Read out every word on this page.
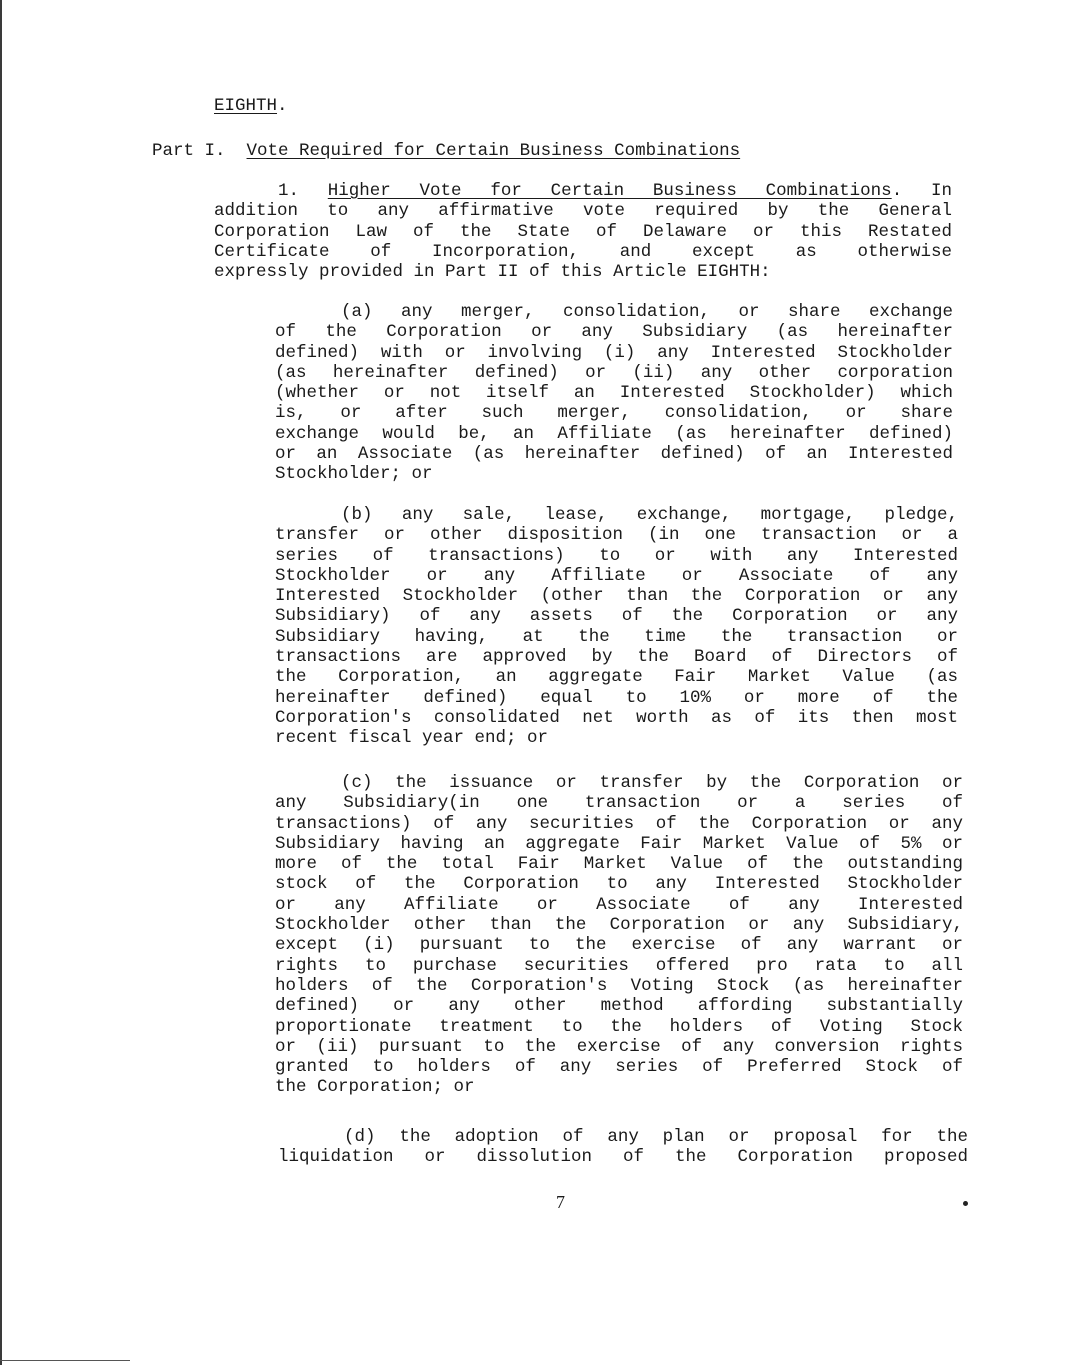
EIGHTH.
Part I. Vote Required for Certain Business Combinations
1. Higher Vote for Certain Business Combinations. In
addition to any affirmative vote required by the General
Corporation Law of the State of Delaware or this Restated
Certificate of Incorporation, and except as otherwise
expressly provided in Part II of this Article EIGHTH:
(a) any merger, consolidation, or share exchange
of the Corporation or any Subsidiary (as hereinafter
defined) with or involving (i) any Interested Stockholder
(as hereinafter defined) or (ii) any other corporation
(whether or not itself an Interested Stockholder) which
is, or after such merger, consolidation, or share
exchange would be, an Affiliate (as hereinafter defined)
or an Associate (as hereinafter defined) of an Interested
Stockholder; or
(b) any sale, lease, exchange, mortgage, pledge,
transfer or other disposition (in one transaction or a
series of transactions) to or with any Interested
Stockholder or any Affiliate or Associate of any
Interested Stockholder (other than the Corporation or any
Subsidiary) of any assets of the Corporation or any
Subsidiary having, at the time the transaction or
transactions are approved by the Board of Directors of
the Corporation, an aggregate Fair Market Value (as
hereinafter defined) equal to 10% or more of the
Corporation's consolidated net worth as of its then most
recent fiscal year end; or
(c) the issuance or transfer by the Corporation or
any Subsidiary(in one transaction or a series of
transactions) of any securities of the Corporation or any
Subsidiary having an aggregate Fair Market Value of 5% or
more of the total Fair Market Value of the outstanding
stock of the Corporation to any Interested Stockholder
or any Affiliate or Associate of any Interested
Stockholder other than the Corporation or any Subsidiary,
except (i) pursuant to the exercise of any warrant or
rights to purchase securities offered pro rata to all
holders of the Corporation's Voting Stock (as hereinafter
defined) or any other method affording substantially
proportionate treatment to the holders of Voting Stock
or (ii) pursuant to the exercise of any conversion rights
granted to holders of any series of Preferred Stock of
the Corporation; or
(d) the adoption of any plan or proposal for the
liquidation or dissolution of the Corporation proposed
7
